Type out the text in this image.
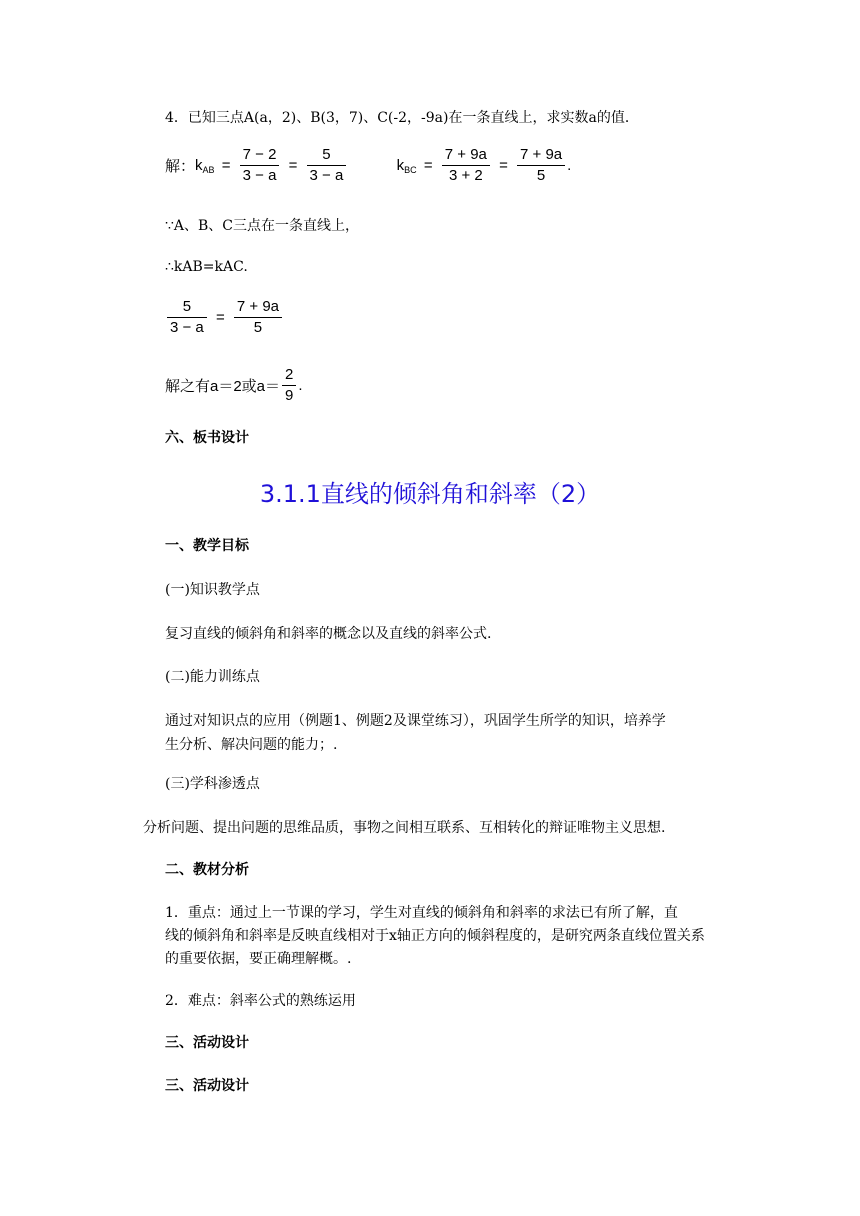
4．已知三点A(a，2)、B(3，7)、C(-2，-9a)在一条直线上，求实数a的值．
解：$k_{AB} = \frac{7 - 2}{3 - a} = \frac{5}{3 - a}$	$k_{BC} = \frac{7 + 9a}{3 + 2} = \frac{7 + 9a}{5}$ .
∵A、B、C三点在一条直线上，
∴kAB=kAC.
$\frac{5}{3 - a} = \frac{7 + 9a}{5}$
解之有a＝2或$a= \frac{2}{9}$ .
六、板书设计
3.1.1直线的倾斜角和斜率（2）
一、教学目标
(一)知识教学点
复习直线的倾斜角和斜率的概念以及直线的斜率公式.
(二)能力训练点
通过对知识点的应用（例题1、例题2及课堂练习），巩固学生所学的知识，培养学
生分析、解决问题的能力；.
(三)学科渗透点
分析问题、提出问题的思维品质，事物之间相互联系、互相转化的辩证唯物主义思想.
二、教材分析
1．重点：通过上一节课的学习，学生对直线的倾斜角和斜率的求法已有所了解，直
线的倾斜角和斜率是反映直线相对于x轴正方向的倾斜程度的，是研究两条直线位置关系
的重要依据，要正确理解概。.
2．难点：斜率公式的熟练运用
三、活动设计
三、活动设计
